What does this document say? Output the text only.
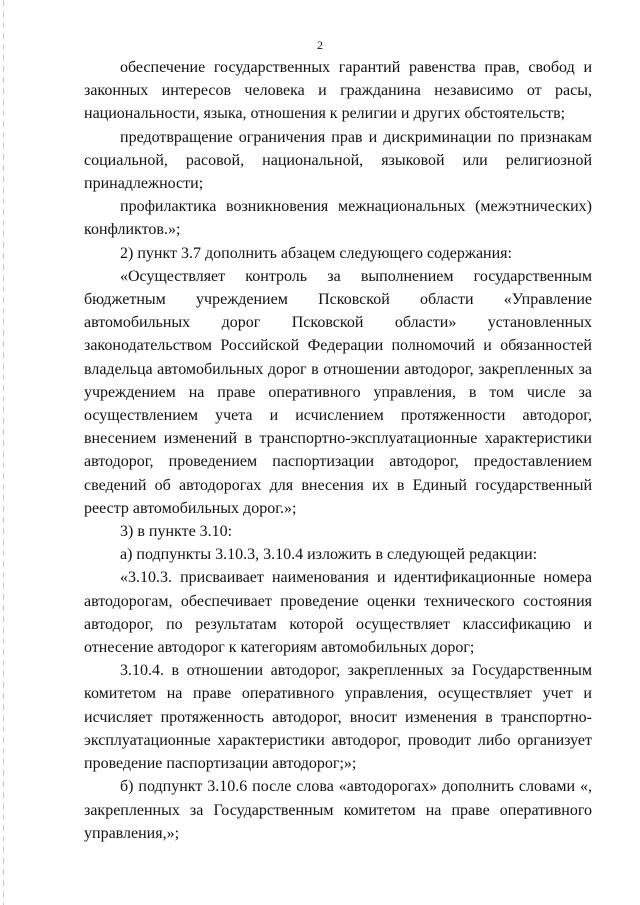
2

обеспечение государственных гарантий равенства прав, свобод и законных интересов человека и гражданина независимо от расы, национальности, языка, отношения к религии и других обстоятельств;

предотвращение ограничения прав и дискриминации по признакам социальной, расовой, национальной, языковой или религиозной принадлежности;

профилактика возникновения межнациональных (межэтнических) конфликтов.»;

2) пункт 3.7 дополнить абзацем следующего содержания:

«Осуществляет контроль за выполнением государственным бюджетным учреждением Псковской области «Управление автомобильных дорог Псковской области» установленных законодательством Российской Федерации полномочий и обязанностей владельца автомобильных дорог в отношении автодорог, закрепленных за учреждением на праве оперативного управления, в том числе за осуществлением учета и исчислением протяженности автодорог, внесением изменений в транспортно-эксплуатационные характеристики автодорог, проведением паспортизации автодорог, предоставлением сведений об автодорогах для внесения их в Единый государственный реестр автомобильных дорог.»;

3) в пункте 3.10:

а) подпункты 3.10.3, 3.10.4 изложить в следующей редакции:

«3.10.3. присваивает наименования и идентификационные номера автодорогам, обеспечивает проведение оценки технического состояния автодорог, по результатам которой осуществляет классификацию и отнесение автодорог к категориям автомобильных дорог;

3.10.4. в отношении автодорог, закрепленных за Государственным комитетом на праве оперативного управления, осуществляет учет и исчисляет протяженность автодорог, вносит изменения в транспортно-эксплуатационные характеристики автодорог, проводит либо организует проведение паспортизации автодорог;»;

б) подпункт 3.10.6 после слова «автодорогах» дополнить словами «, закрепленных за Государственным комитетом на праве оперативного управления,»;
